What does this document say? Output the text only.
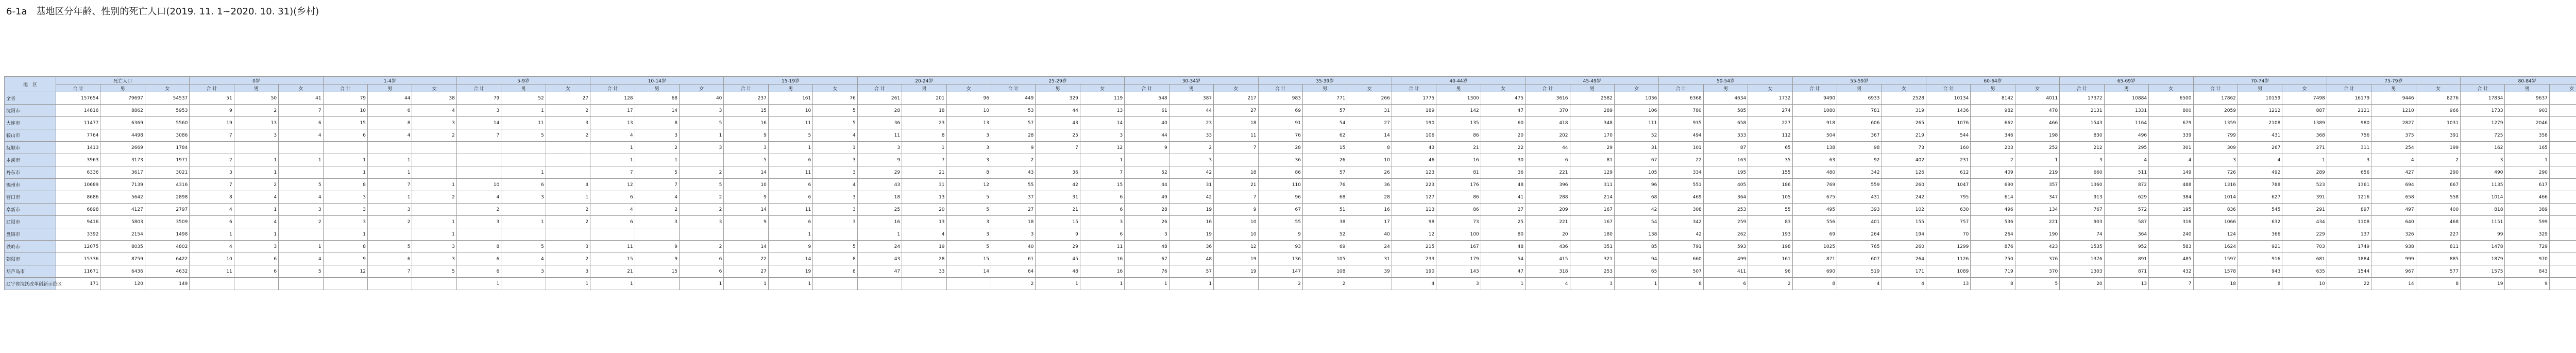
6-1a　基地区分年齢、性别的死亡人口(2019. 11. 1~2020. 10. 31)(乡村)
地　区	死亡人口	0岁	1-4岁	5-9岁	10-14岁	15-19岁	20-24岁	25-29岁	30-34岁	35-39岁	40-44岁	45-49岁	50-54岁	55-59岁	60-64岁	65-69岁	70-74岁	75-79岁	80-84岁				
合 计	男	女	合 计	男	女	合 计	男	女	合 计	男	女	合 计	男	女	合 计	男	女	合 计	男	女	合 计	男	女	合 计	男	女	合 计	男	女	合 计	男	女	合 计	男	女	合 计	男	女	合 计	男	女	合 计	男	女	合 计	男	女	合 计	男	女	合 计	男	女	合 计	男	女												
全省	157654	79697	54537	51	50	41	79	44	38	79	52	27	128	68	40	237	161	76	261	201	96	449	329	119	548	387	217	983	771	266	1775	1300	475	3616	2582	1036	6368	4634	1732	9490	6933	2528	10134	8142	4011	17372	10884	6500	17862	10159	7498	16179	9446	8276	17834	9637													
沈阳市	14816	8862	5953	9	2	7	10	6	4	3	1	2	17	14	3	15	10	5	28	18	10	53	44	13	61	44	27	69	57	31	189	142	47	370	289	106	780	585	274	1080	781	319	1436	982	478	2131	1331	800	2059	1212	887	2121	1210	966	1733	903													
大连市	11477	6369	5560	19	13	6	15	8	3	14	11	3	13	8	5	16	11	5	36	23	13	57	43	14	40	23	18	91	54	27	190	135	60	418	348	111	935	658	227	918	606	265	1076	662	466	1543	1164	679	1359	2108	1389	980	2827	1031	1279	2046													
鞍山市	7764	4498	3086	7	3	4	6	4	2	7	5	2	4	3	1	9	5	4	11	8	3	28	25	3	44	33	11	76	62	14	106	86	20	202	170	52	494	333	112	504	367	219	544	346	198	830	496	339	799	431	368	756	375	391	725	358													
抚顺市	1413	2669	1784										1	2	3	3	1	1	3	1	3	9	7	12	9	2	7	28	15	8	43	21	22	44	29	31	101	87	65	138	98	73	160	203	252	212	295	301	309	267	271	311	254	199	162	165													
本溪市	3963	3173	1971	2	1	1	1	1					1	1		5	6	3	9	7	3	2		1		3		36	26	10	46	16	30	6	81	67	22	163	35	63	92	402	231	2	1	3	4	4	3	4	1	3	4	2	3	1													
丹东市	6336	3617	3021	3	1		1	1			1		7	5	2	14	11	3	29	21	8	43	36	7	52	42	18	86	57	26	123	81	36	221	129	105	334	195	155	480	342	126	612	409	219	660	511	149	726	492	289	656	427	290	490	290													
锦州市	10689	7139	4316	7	2	5	8	7	1	10	6	4	12	7	5	10	6	4	43	31	12	55	42	15	44	31	21	110	76	36	223	176	48	396	311	96	551	405	186	769	559	260	1047	690	357	1360	872	488	1316	788	523	1361	694	667	1135	617													
营口市	8686	5642	2898	8	4	4	3	1	2	4	3	1	6	4	2	9	6	3	18	13	5	37	31	6	49	42	7	96	68	28	127	86	41	288	214	68	469	364	105	675	431	242	795	614	347	913	629	384	1014	627	391	1216	658	558	1014	466													
阜新市	6898	4127	2797	4	1	3	3	3		2		2	4	2	2	14	11	3	25	20	5	27	21	6	28	19	9	67	51	16	113	86	27	209	167	42	308	253	55	495	393	102	630	496	134	767	572	195	836	545	291	897	497	400	818	389													
辽阳市	9416	5803	3509	6	4	2	3	2	1	3	1	2	6	3	3	9	6	3	16	13	3	18	15	3	26	16	10	55	38	17	98	73	25	221	167	54	342	259	83	556	401	155	757	536	221	903	587	316	1066	632	434	1108	640	468	1151	599													
盘锦市	3392	2154	1498	1	1		1		1								1		1	4	3	3	9	6	3	19	10	9	52	40	12	100	80	20	180	138	42	262	193	69	264	194	70	264	190	74	364	240	124	366	229	137	326	227	99	329													
铁岭市	12075	8035	4802	4	3	1	8	5	3	8	5	3	11	9	2	14	9	5	24	19	5	40	29	11	48	36	12	93	69	24	215	167	48	436	351	85	791	593	198	1025	765	260	1299	876	423	1535	952	583	1624	921	703	1749	938	811	1478	729													
朝阳市	15336	8759	6422	10	6	4	9	6	3	6	4	2	15	9	6	22	14	8	43	28	15	61	45	16	67	48	19	136	105	31	233	179	54	415	321	94	660	499	161	871	607	264	1126	750	376	1376	891	485	1597	916	681	1884	999	885	1879	970													
葫芦岛市	11671	6436	4632	11	6	5	12	7	5	6	3	3	21	15	6	27	19	8	47	33	14	64	48	16	76	57	19	147	108	39	190	143	47	318	253	65	507	411	96	690	519	171	1089	719	370	1303	871	432	1578	943	635	1544	967	577	1575	843													
辽宁省沈抚改革创新示范区	171	120	149							1		1	1		1	1	1					2	1	1	1	1		2	2		4	3	1	4	3	1	8	6	2	8	4	4	13	8	5	20	13	7	18	8	10	22	14	8	19	9													
